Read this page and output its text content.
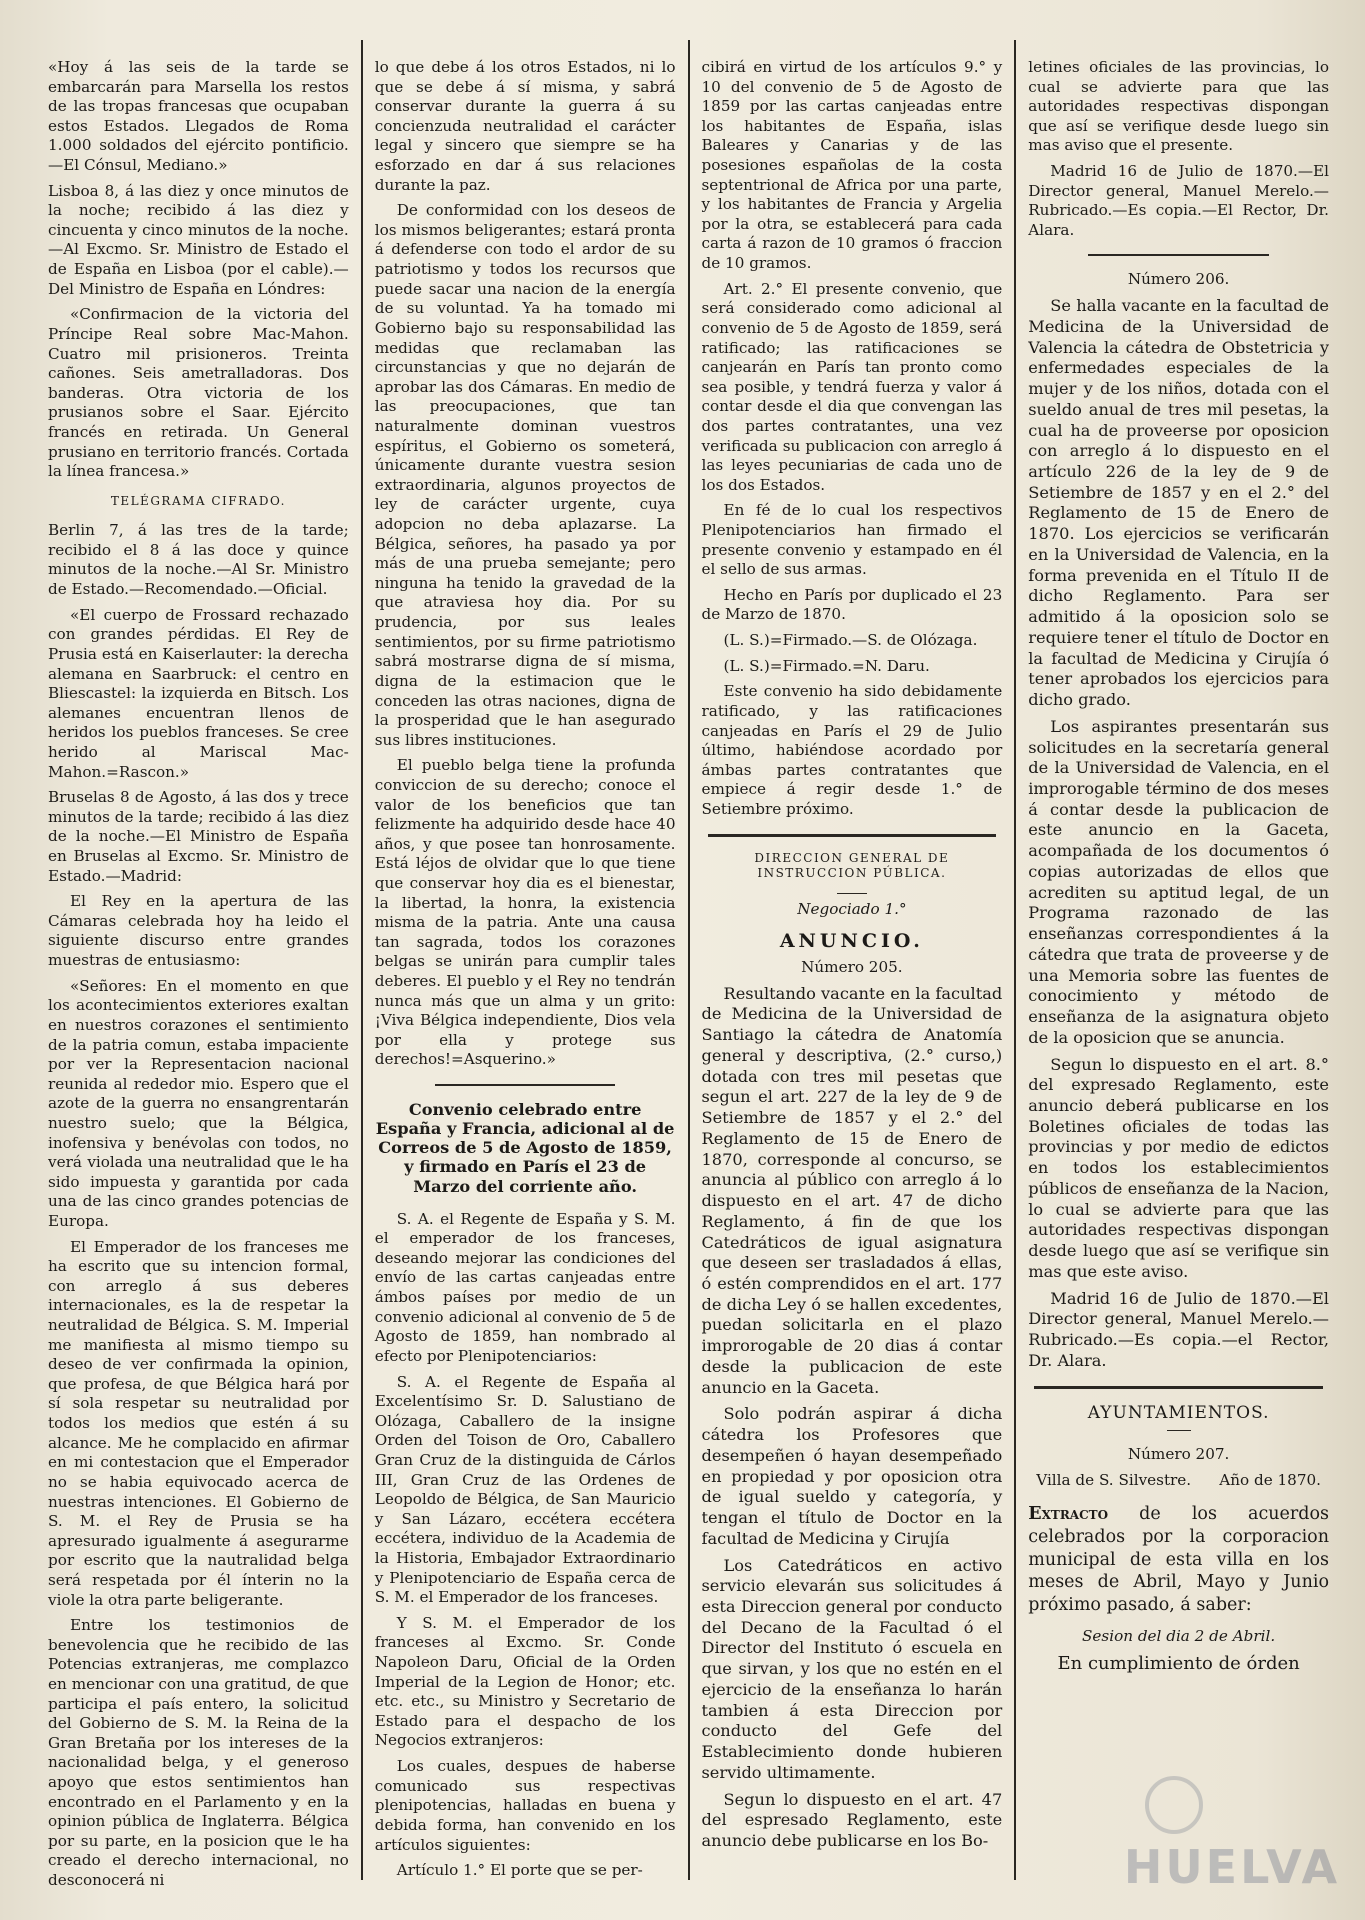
«Hoy á las seis de la tarde se embarcarán para Marsella los restos de las tropas francesas que ocupaban estos Estados. Llegados de Roma 1.000 soldados del ejército pontificio.—El Cónsul, Mediano.»

Lisboa 8, á las diez y once minutos de la noche; recibido á las diez y cincuenta y cinco minutos de la noche.—Al Excmo. Sr. Ministro de Estado el de España en Lisboa (por el cable).—Del Ministro de España en Lóndres:

«Confirmacion de la victoria del Príncipe Real sobre Mac-Mahon. Cuatro mil prisioneros. Treinta cañones. Seis ametralladoras. Dos banderas. Otra victoria de los prusianos sobre el Saar. Ejército francés en retirada. Un General prusiano en territorio francés. Cortada la línea francesa.»

TELÉGRAMA CIFRADO.

Berlin 7, á las tres de la tarde; recibido el 8 á las doce y quince minutos de la noche.—Al Sr. Ministro de Estado.—Recomendado.—Oficial.

«El cuerpo de Frossard rechazado con grandes pérdidas. El Rey de Prusia está en Kaiserlauter: la derecha alemana en Saarbruck: el centro en Bliescastel: la izquierda en Bitsch. Los alemanes encuentran llenos de heridos los pueblos franceses. Se cree herido al Mariscal Mac-Mahon.=Rascon.»

Bruselas 8 de Agosto, á las dos y trece minutos de la tarde; recibido á las diez de la noche.—El Ministro de España en Bruselas al Excmo. Sr. Ministro de Estado.—Madrid:

El Rey en la apertura de las Cámaras celebrada hoy ha leido el siguiente discurso entre grandes muestras de entusiasmo:

«Señores: En el momento en que los acontecimientos exteriores exaltan en nuestros corazones el sentimiento de la patria comun, estaba impaciente por ver la Representacion nacional reunida al rededor mio. Espero que el azote de la guerra no ensangrentarán nuestro suelo; que la Bélgica, inofensiva y benévolas con todos, no verá violada una neutralidad que le ha sido impuesta y garantida por cada una de las cinco grandes potencias de Europa.

El Emperador de los franceses me ha escrito que su intencion formal, con arreglo á sus deberes internacionales, es la de respetar la neutralidad de Bélgica. S. M. Imperial me manifiesta al mismo tiempo su deseo de ver confirmada la opinion, que profesa, de que Bélgica hará por sí sola respetar su neutralidad por todos los medios que estén á su alcance. Me he complacido en afirmar en mi contestacion que el Emperador no se habia equivocado acerca de nuestras intenciones. El Gobierno de S. M. el Rey de Prusia se ha apresurado igualmente á asegurarme por escrito que la nautralidad belga será respetada por él ínterin no la viole la otra parte beligerante.

Entre los testimonios de benevolencia que he recibido de las Potencias extranjeras, me complazco en mencionar con una gratitud, de que participa el país entero, la solicitud del Gobierno de S. M. la Reina de la Gran Bretaña por los intereses de la nacionalidad belga, y el generoso apoyo que estos sentimientos han encontrado en el Parlamento y en la opinion pública de Inglaterra. Bélgica por su parte, en la posicion que le ha creado el derecho internacional, no desconocerá ni

lo que debe á los otros Estados, ni lo que se debe á sí misma, y sabrá conservar durante la guerra á su concienzuda neutralidad el carácter legal y sincero que siempre se ha esforzado en dar á sus relaciones durante la paz.

De conformidad con los deseos de los mismos beligerantes; estará pronta á defenderse con todo el ardor de su patriotismo y todos los recursos que puede sacar una nacion de la energía de su voluntad. Ya ha tomado mi Gobierno bajo su responsabilidad las medidas que reclamaban las circunstancias y que no dejarán de aprobar las dos Cámaras. En medio de las preocupaciones, que tan naturalmente dominan vuestros espíritus, el Gobierno os someterá, únicamente durante vuestra sesion extraordinaria, algunos proyectos de ley de carácter urgente, cuya adopcion no deba aplazarse. La Bélgica, señores, ha pasado ya por más de una prueba semejante; pero ninguna ha tenido la gravedad de la que atraviesa hoy dia. Por su prudencia, por sus leales sentimientos, por su firme patriotismo sabrá mostrarse digna de sí misma, digna de la estimacion que le conceden las otras naciones, digna de la prosperidad que le han asegurado sus libres instituciones.

El pueblo belga tiene la profunda conviccion de su derecho; conoce el valor de los beneficios que tan felizmente ha adquirido desde hace 40 años, y que posee tan honrosamente. Está léjos de olvidar que lo que tiene que conservar hoy dia es el bienestar, la libertad, la honra, la existencia misma de la patria. Ante una causa tan sagrada, todos los corazones belgas se unirán para cumplir tales deberes. El pueblo y el Rey no tendrán nunca más que un alma y un grito: ¡Viva Bélgica independiente, Dios vela por ella y protege sus derechos!=Asquerino.»

Convenio celebrado entre España y Francia, adicional al de Correos de 5 de Agosto de 1859, y firmado en París el 23 de Marzo del corriente año.

S. A. el Regente de España y S. M. el emperador de los franceses, deseando mejorar las condiciones del envío de las cartas canjeadas entre ámbos países por medio de un convenio adicional al convenio de 5 de Agosto de 1859, han nombrado al efecto por Plenipotenciarios:

S. A. el Regente de España al Excelentísimo Sr. D. Salustiano de Olózaga, Caballero de la insigne Orden del Toison de Oro, Caballero Gran Cruz de la distinguida de Cárlos III, Gran Cruz de las Ordenes de Leopoldo de Bélgica, de San Mauricio y San Lázaro, eccétera eccétera eccétera, individuo de la Academia de la Historia, Embajador Extraordinario y Plenipotenciario de España cerca de S. M. el Emperador de los franceses.

Y S. M. el Emperador de los franceses al Excmo. Sr. Conde Napoleon Daru, Oficial de la Orden Imperial de la Legion de Honor; etc. etc. etc., su Ministro y Secretario de Estado para el despacho de los Negocios extranjeros:

Los cuales, despues de haberse comunicado sus respectivas plenipotencias, halladas en buena y debida forma, han convenido en los artículos siguientes:

Artículo 1.° El porte que se per-

cibirá en virtud de los artículos 9.° y 10 del convenio de 5 de Agosto de 1859 por las cartas canjeadas entre los habitantes de España, islas Baleares y Canarias y de las posesiones españolas de la costa septentrional de Africa por una parte, y los habitantes de Francia y Argelia por la otra, se establecerá para cada carta á razon de 10 gramos ó fraccion de 10 gramos.

Art. 2.° El presente convenio, que será considerado como adicional al convenio de 5 de Agosto de 1859, será ratificado; las ratificaciones se canjearán en París tan pronto como sea posible, y tendrá fuerza y valor á contar desde el dia que convengan las dos partes contratantes, una vez verificada su publicacion con arreglo á las leyes pecuniarias de cada uno de los dos Estados.

En fé de lo cual los respectivos Plenipotenciarios han firmado el presente convenio y estampado en él el sello de sus armas.

Hecho en París por duplicado el 23 de Marzo de 1870.

(L. S.)=Firmado.—S. de Olózaga.

(L. S.)=Firmado.=N. Daru.

Este convenio ha sido debidamente ratificado, y las ratificaciones canjeadas en París el 29 de Julio último, habiéndose acordado por ámbas partes contratantes que empiece á regir desde 1.° de Setiembre próximo.

DIRECCION GENERAL DE INSTRUCCION PÚBLICA.

Negociado 1.°

ANUNCIO.

Número 205.

Resultando vacante en la facultad de Medicina de la Universidad de Santiago la cátedra de Anatomía general y descriptiva, (2.° curso,) dotada con tres mil pesetas que segun el art. 227 de la ley de 9 de Setiembre de 1857 y el 2.° del Reglamento de 15 de Enero de 1870, corresponde al concurso, se anuncia al público con arreglo á lo dispuesto en el art. 47 de dicho Reglamento, á fin de que los Catedráticos de igual asignatura que deseen ser trasladados á ellas, ó estén comprendidos en el art. 177 de dicha Ley ó se hallen excedentes, puedan solicitarla en el plazo improrogable de 20 dias á contar desde la publicacion de este anuncio en la Gaceta.

Solo podrán aspirar á dicha cátedra los Profesores que desempeñen ó hayan desempeñado en propiedad y por oposicion otra de igual sueldo y categoría, y tengan el título de Doctor en la facultad de Medicina y Cirujía

Los Catedráticos en activo servicio elevarán sus solicitudes á esta Direccion general por conducto del Decano de la Facultad ó el Director del Instituto ó escuela en que sirvan, y los que no estén en el ejercicio de la enseñanza lo harán tambien á esta Direccion por conducto del Gefe del Establecimiento donde hubieren servido ultimamente.

Segun lo dispuesto en el art. 47 del espresado Reglamento, este anuncio debe publicarse en los Bo-

letines oficiales de las provincias, lo cual se advierte para que las autoridades respectivas dispongan que así se verifique desde luego sin mas aviso que el presente.

Madrid 16 de Julio de 1870.—El Director general, Manuel Merelo.—Rubricado.—Es copia.—El Rector, Dr. Alara.

Número 206.

Se halla vacante en la facultad de Medicina de la Universidad de Valencia la cátedra de Obstetricia y enfermedades especiales de la mujer y de los niños, dotada con el sueldo anual de tres mil pesetas, la cual ha de proveerse por oposicion con arreglo á lo dispuesto en el artículo 226 de la ley de 9 de Setiembre de 1857 y en el 2.° del Reglamento de 15 de Enero de 1870. Los ejercicios se verificarán en la Universidad de Valencia, en la forma prevenida en el Título II de dicho Reglamento. Para ser admitido á la oposicion solo se requiere tener el título de Doctor en la facultad de Medicina y Cirujía ó tener aprobados los ejercicios para dicho grado.

Los aspirantes presentarán sus solicitudes en la secretaría general de la Universidad de Valencia, en el improrogable término de dos meses á contar desde la publicacion de este anuncio en la Gaceta, acompañada de los documentos ó copias autorizadas de ellos que acrediten su aptitud legal, de un Programa razonado de las enseñanzas correspondientes á la cátedra que trata de proveerse y de una Memoria sobre las fuentes de conocimiento y método de enseñanza de la asignatura objeto de la oposicion que se anuncia.

Segun lo dispuesto en el art. 8.° del expresado Reglamento, este anuncio deberá publicarse en los Boletines oficiales de todas las provincias y por medio de edictos en todos los establecimientos públicos de enseñanza de la Nacion, lo cual se advierte para que las autoridades respectivas dispongan desde luego que así se verifique sin mas que este aviso.

Madrid 16 de Julio de 1870.—El Director general, Manuel Merelo.—Rubricado.—Es copia.—el Rector, Dr. Alara.

AYUNTAMIENTOS.

Número 207.

Villa de S. Silvestre. Año de 1870.
Extracto de los acuerdos celebrados por la corporacion municipal de esta villa en los meses de Abril, Mayo y Junio próximo pasado, á saber:

Sesion del dia 2 de Abril.

En cumplimiento de órden

HUELVA
